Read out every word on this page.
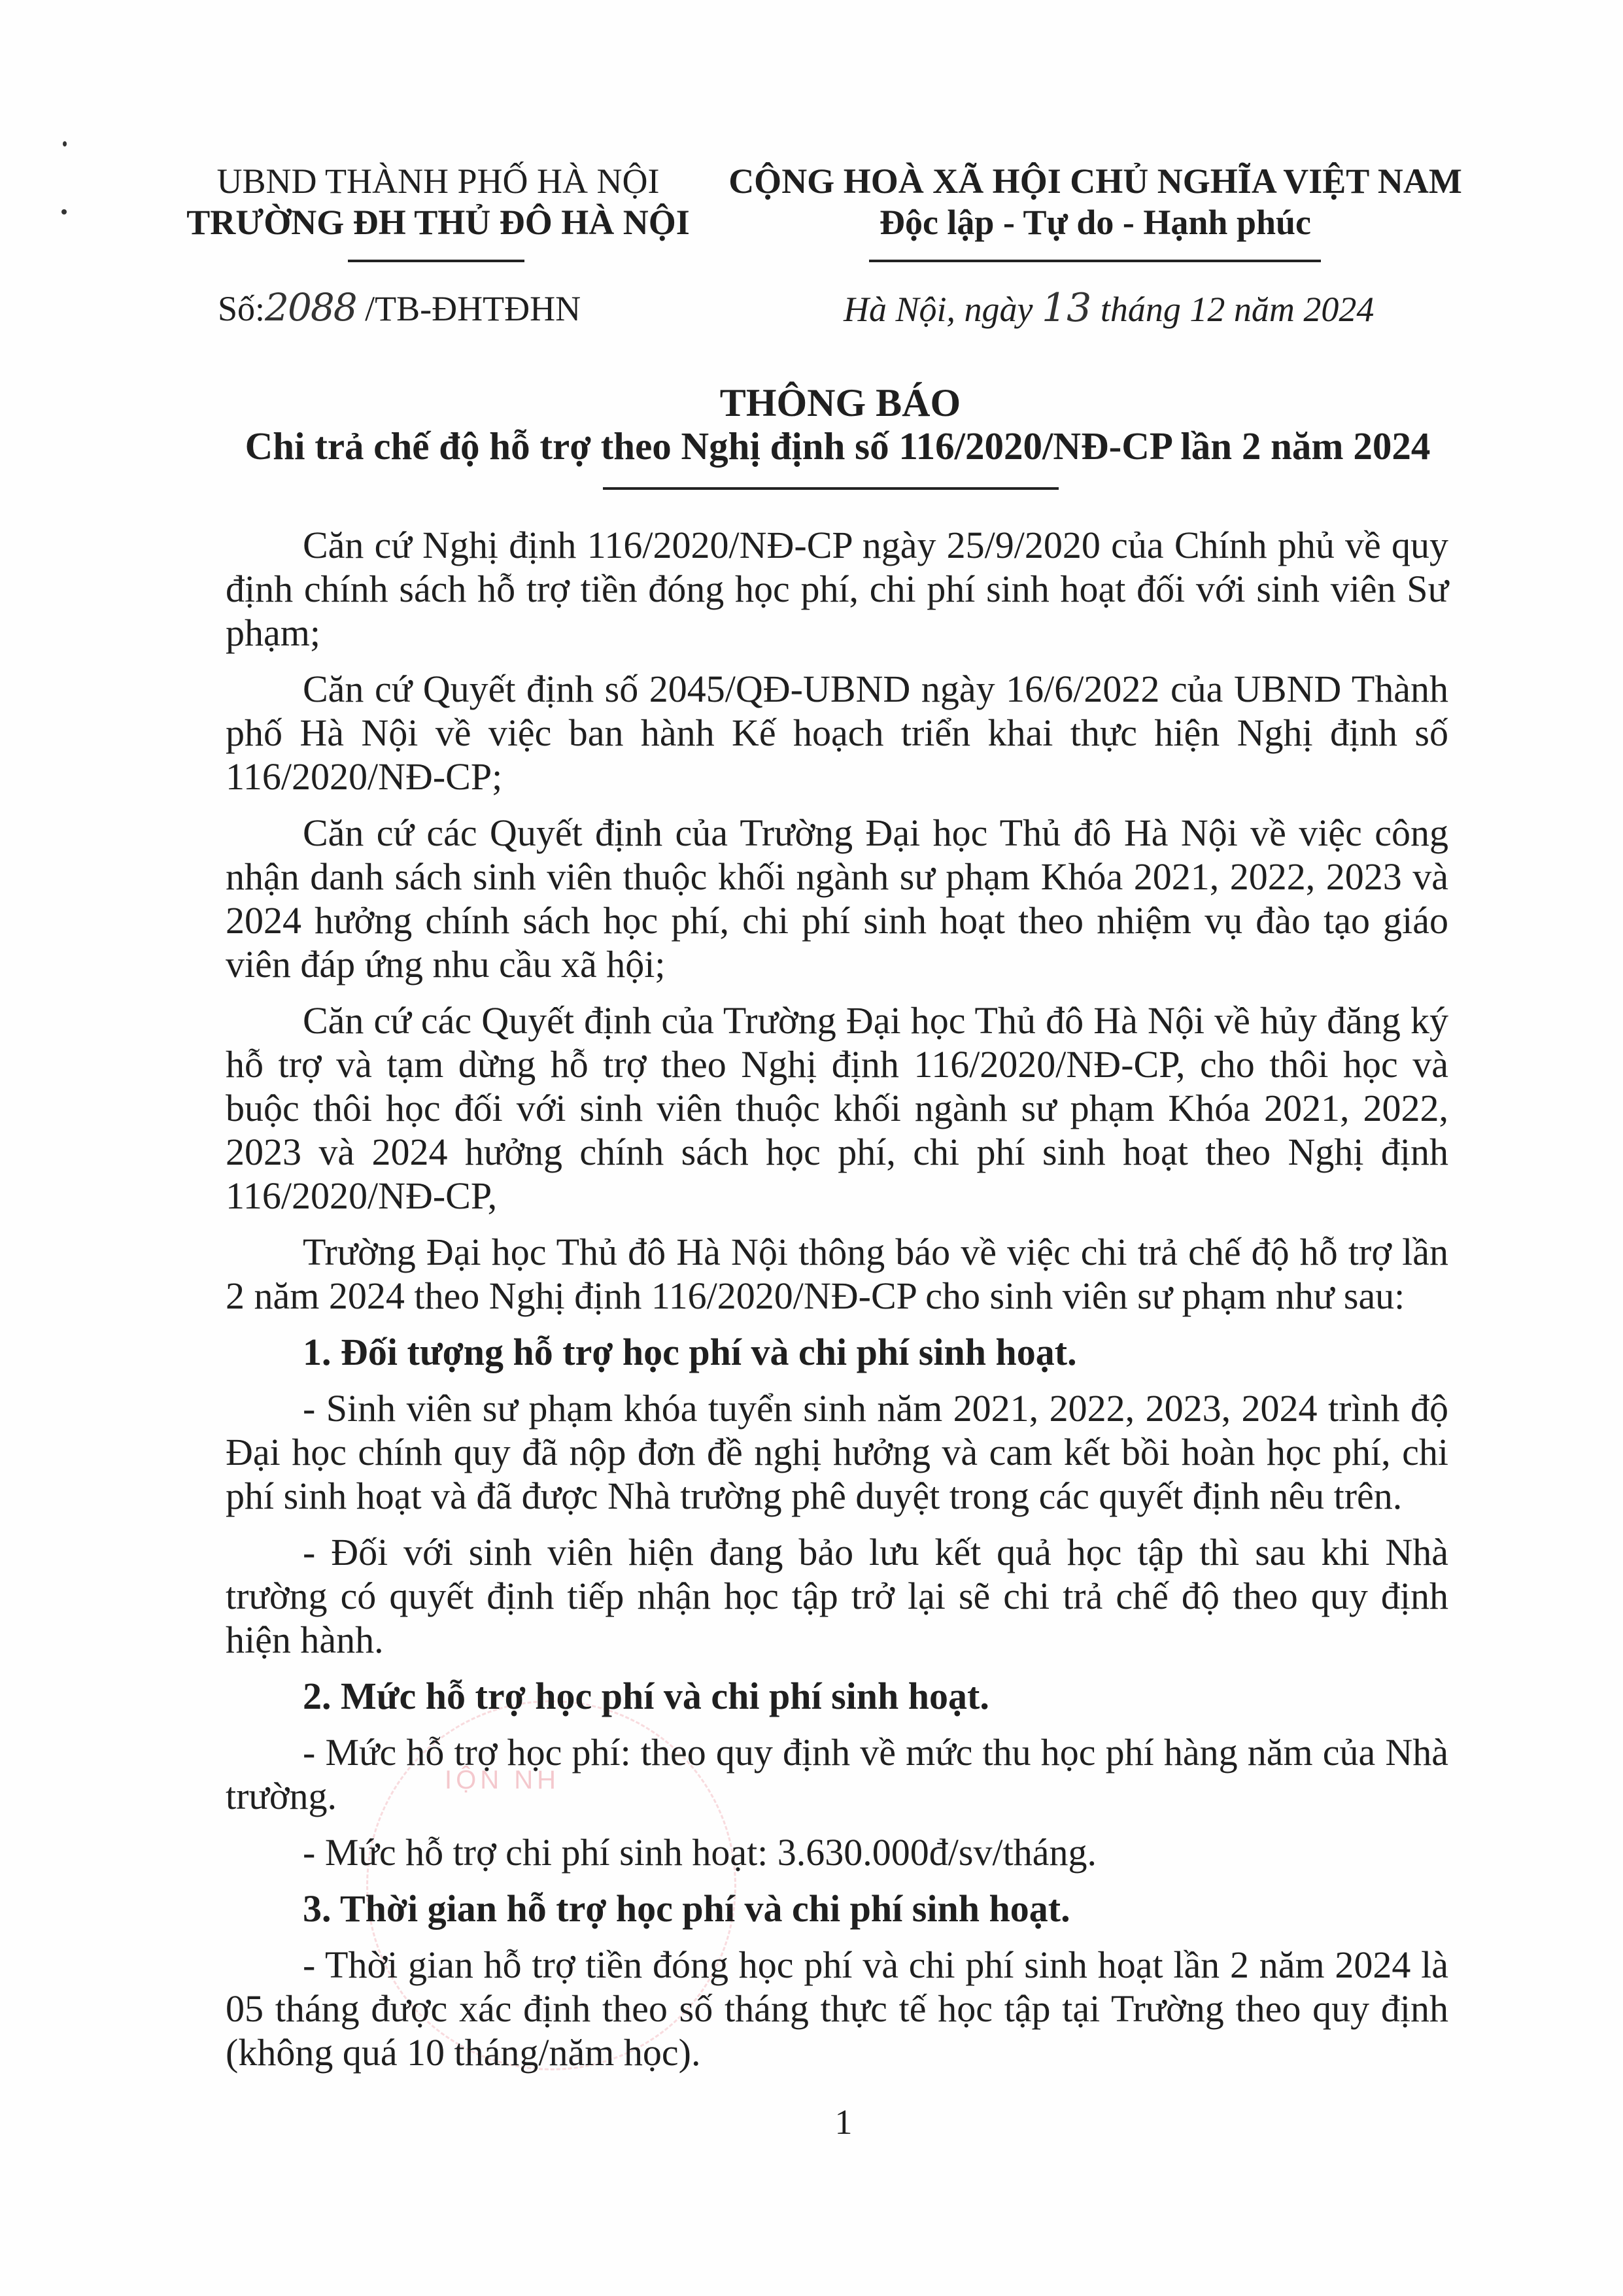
IỘN NH
UBND THÀNH PHỐ HÀ NỘI
TRƯỜNG ĐH THỦ ĐÔ HÀ NỘI
CỘNG HOÀ XÃ HỘI CHỦ NGHĨA VIỆT NAM
Độc lập - Tự do - Hạnh phúc
Số:2088 /TB-ĐHTĐHN	Hà Nội, ngày 13 tháng 12 năm 2024
THÔNG BÁO
Chi trả chế độ hỗ trợ theo Nghị định số 116/2020/NĐ-CP lần 2 năm 2024

Căn cứ Nghị định 116/2020/NĐ-CP ngày 25/9/2020 của Chính phủ về quy định chính sách hỗ trợ tiền đóng học phí, chi phí sinh hoạt đối với sinh viên Sư phạm;

Căn cứ Quyết định số 2045/QĐ-UBND ngày 16/6/2022 của UBND Thành phố Hà Nội về việc ban hành Kế hoạch triển khai thực hiện Nghị định số 116/2020/NĐ-CP;

Căn cứ các Quyết định của Trường Đại học Thủ đô Hà Nội về việc công nhận danh sách sinh viên thuộc khối ngành sư phạm Khóa 2021, 2022, 2023 và 2024 hưởng chính sách học phí, chi phí sinh hoạt theo nhiệm vụ đào tạo giáo viên đáp ứng nhu cầu xã hội;

Căn cứ các Quyết định của Trường Đại học Thủ đô Hà Nội về hủy đăng ký hỗ trợ và tạm dừng hỗ trợ theo Nghị định 116/2020/NĐ-CP, cho thôi học và buộc thôi học đối với sinh viên thuộc khối ngành sư phạm Khóa 2021, 2022, 2023 và 2024 hưởng chính sách học phí, chi phí sinh hoạt theo Nghị định 116/2020/NĐ-CP,

Trường Đại học Thủ đô Hà Nội thông báo về việc chi trả chế độ hỗ trợ lần 2 năm 2024 theo Nghị định 116/2020/NĐ-CP cho sinh viên sư phạm như sau:

1. Đối tượng hỗ trợ học phí và chi phí sinh hoạt.

- Sinh viên sư phạm khóa tuyển sinh năm 2021, 2022, 2023, 2024 trình độ Đại học chính quy đã nộp đơn đề nghị hưởng và cam kết bồi hoàn học phí, chi phí sinh hoạt và đã được Nhà trường phê duyệt trong các quyết định nêu trên.

- Đối với sinh viên hiện đang bảo lưu kết quả học tập thì sau khi Nhà trường có quyết định tiếp nhận học tập trở lại sẽ chi trả chế độ theo quy định hiện hành.

2. Mức hỗ trợ học phí và chi phí sinh hoạt.

- Mức hỗ trợ học phí: theo quy định về mức thu học phí hàng năm của Nhà trường.

- Mức hỗ trợ chi phí sinh hoạt: 3.630.000đ/sv/tháng.

3. Thời gian hỗ trợ học phí và chi phí sinh hoạt.

- Thời gian hỗ trợ tiền đóng học phí và chi phí sinh hoạt lần 2 năm 2024 là 05 tháng được xác định theo số tháng thực tế học tập tại Trường theo quy định (không quá 10 tháng/năm học).

1
